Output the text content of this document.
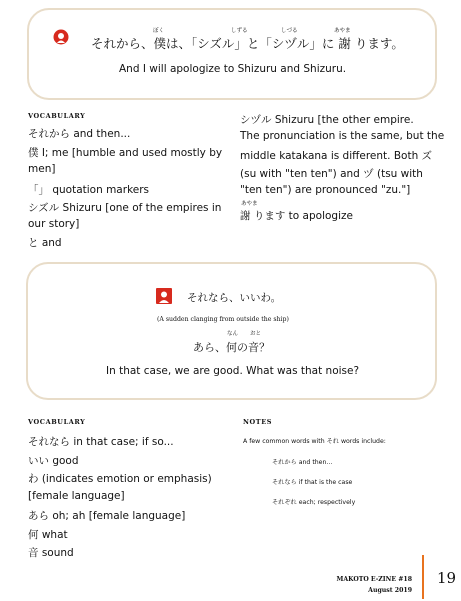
ぼく	しずる	しづる	あやま
それから、僕は、「シズル」と「シヅル」に 謝 ります。
And I will apologize to Shizuru and Shizuru.
VOCABULARY
それから and then...
僕 I; me [humble and used mostly by
men]
「」 quotation markers
シズル Shizuru [one of the empires in
our story]
と and
シヅル Shizuru [the other empire.
The pronunciation is the same, but the
middle katakana is different. Both ズ
(su with "ten ten") and ヅ (tsu with
"ten ten") are pronounced "zu."]
あやま
謝 ります to apologize
それなら、いいわ。
(A sudden clanging from outside the ship)
なん おと
あら、何の音？
In that case, we are good. What was that noise?
VOCABULARY
それなら in that case; if so...
いい good
わ (indicates emotion or emphasis)
[female language]
あら oh; ah [female language]
何 what
音 sound
NOTES
A few common words with それ words include:
それから and then...
それなら if that is the case
それぞれ each; respectively
MAKOTO E-ZINE #18
August 2019
19
